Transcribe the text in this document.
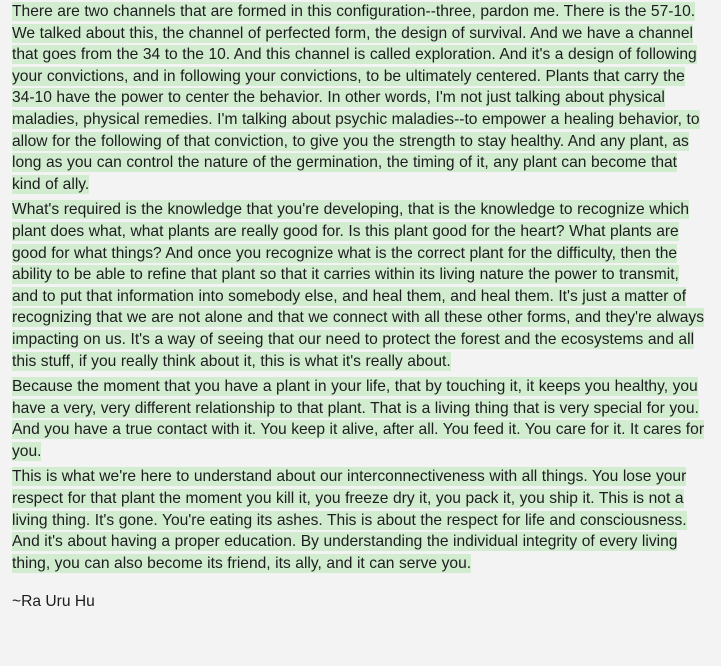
There are two channels that are formed in this configuration--three, pardon me. There is the 57-10. We talked about this, the channel of perfected form, the design of survival. And we have a channel that goes from the 34 to the 10. And this channel is called exploration. And it's a design of following your convictions, and in following your convictions, to be ultimately centered. Plants that carry the 34-10 have the power to center the behavior. In other words, I'm not just talking about physical maladies, physical remedies. I'm talking about psychic maladies--to empower a healing behavior, to allow for the following of that conviction, to give you the strength to stay healthy. And any plant, as long as you can control the nature of the germination, the timing of it, any plant can become that kind of ally.

What's required is the knowledge that you're developing, that is the knowledge to recognize which plant does what, what plants are really good for. Is this plant good for the heart? What plants are good for what things? And once you recognize what is the correct plant for the difficulty, then the ability to be able to refine that plant so that it carries within its living nature the power to transmit, and to put that information into somebody else, and heal them, and heal them. It's just a matter of recognizing that we are not alone and that we connect with all these other forms, and they're always impacting on us. It's a way of seeing that our need to protect the forest and the ecosystems and all this stuff, if you really think about it, this is what it's really about.

Because the moment that you have a plant in your life, that by touching it, it keeps you healthy, you have a very, very different relationship to that plant. That is a living thing that is very special for you. And you have a true contact with it. You keep it alive, after all. You feed it. You care for it. It cares for you.

This is what we're here to understand about our interconnectiveness with all things. You lose your respect for that plant the moment you kill it, you freeze dry it, you pack it, you ship it. This is not a living thing. It's gone. You're eating its ashes. This is about the respect for life and consciousness. And it's about having a proper education. By understanding the individual integrity of every living thing, you can also become its friend, its ally, and it can serve you.

~Ra Uru Hu
